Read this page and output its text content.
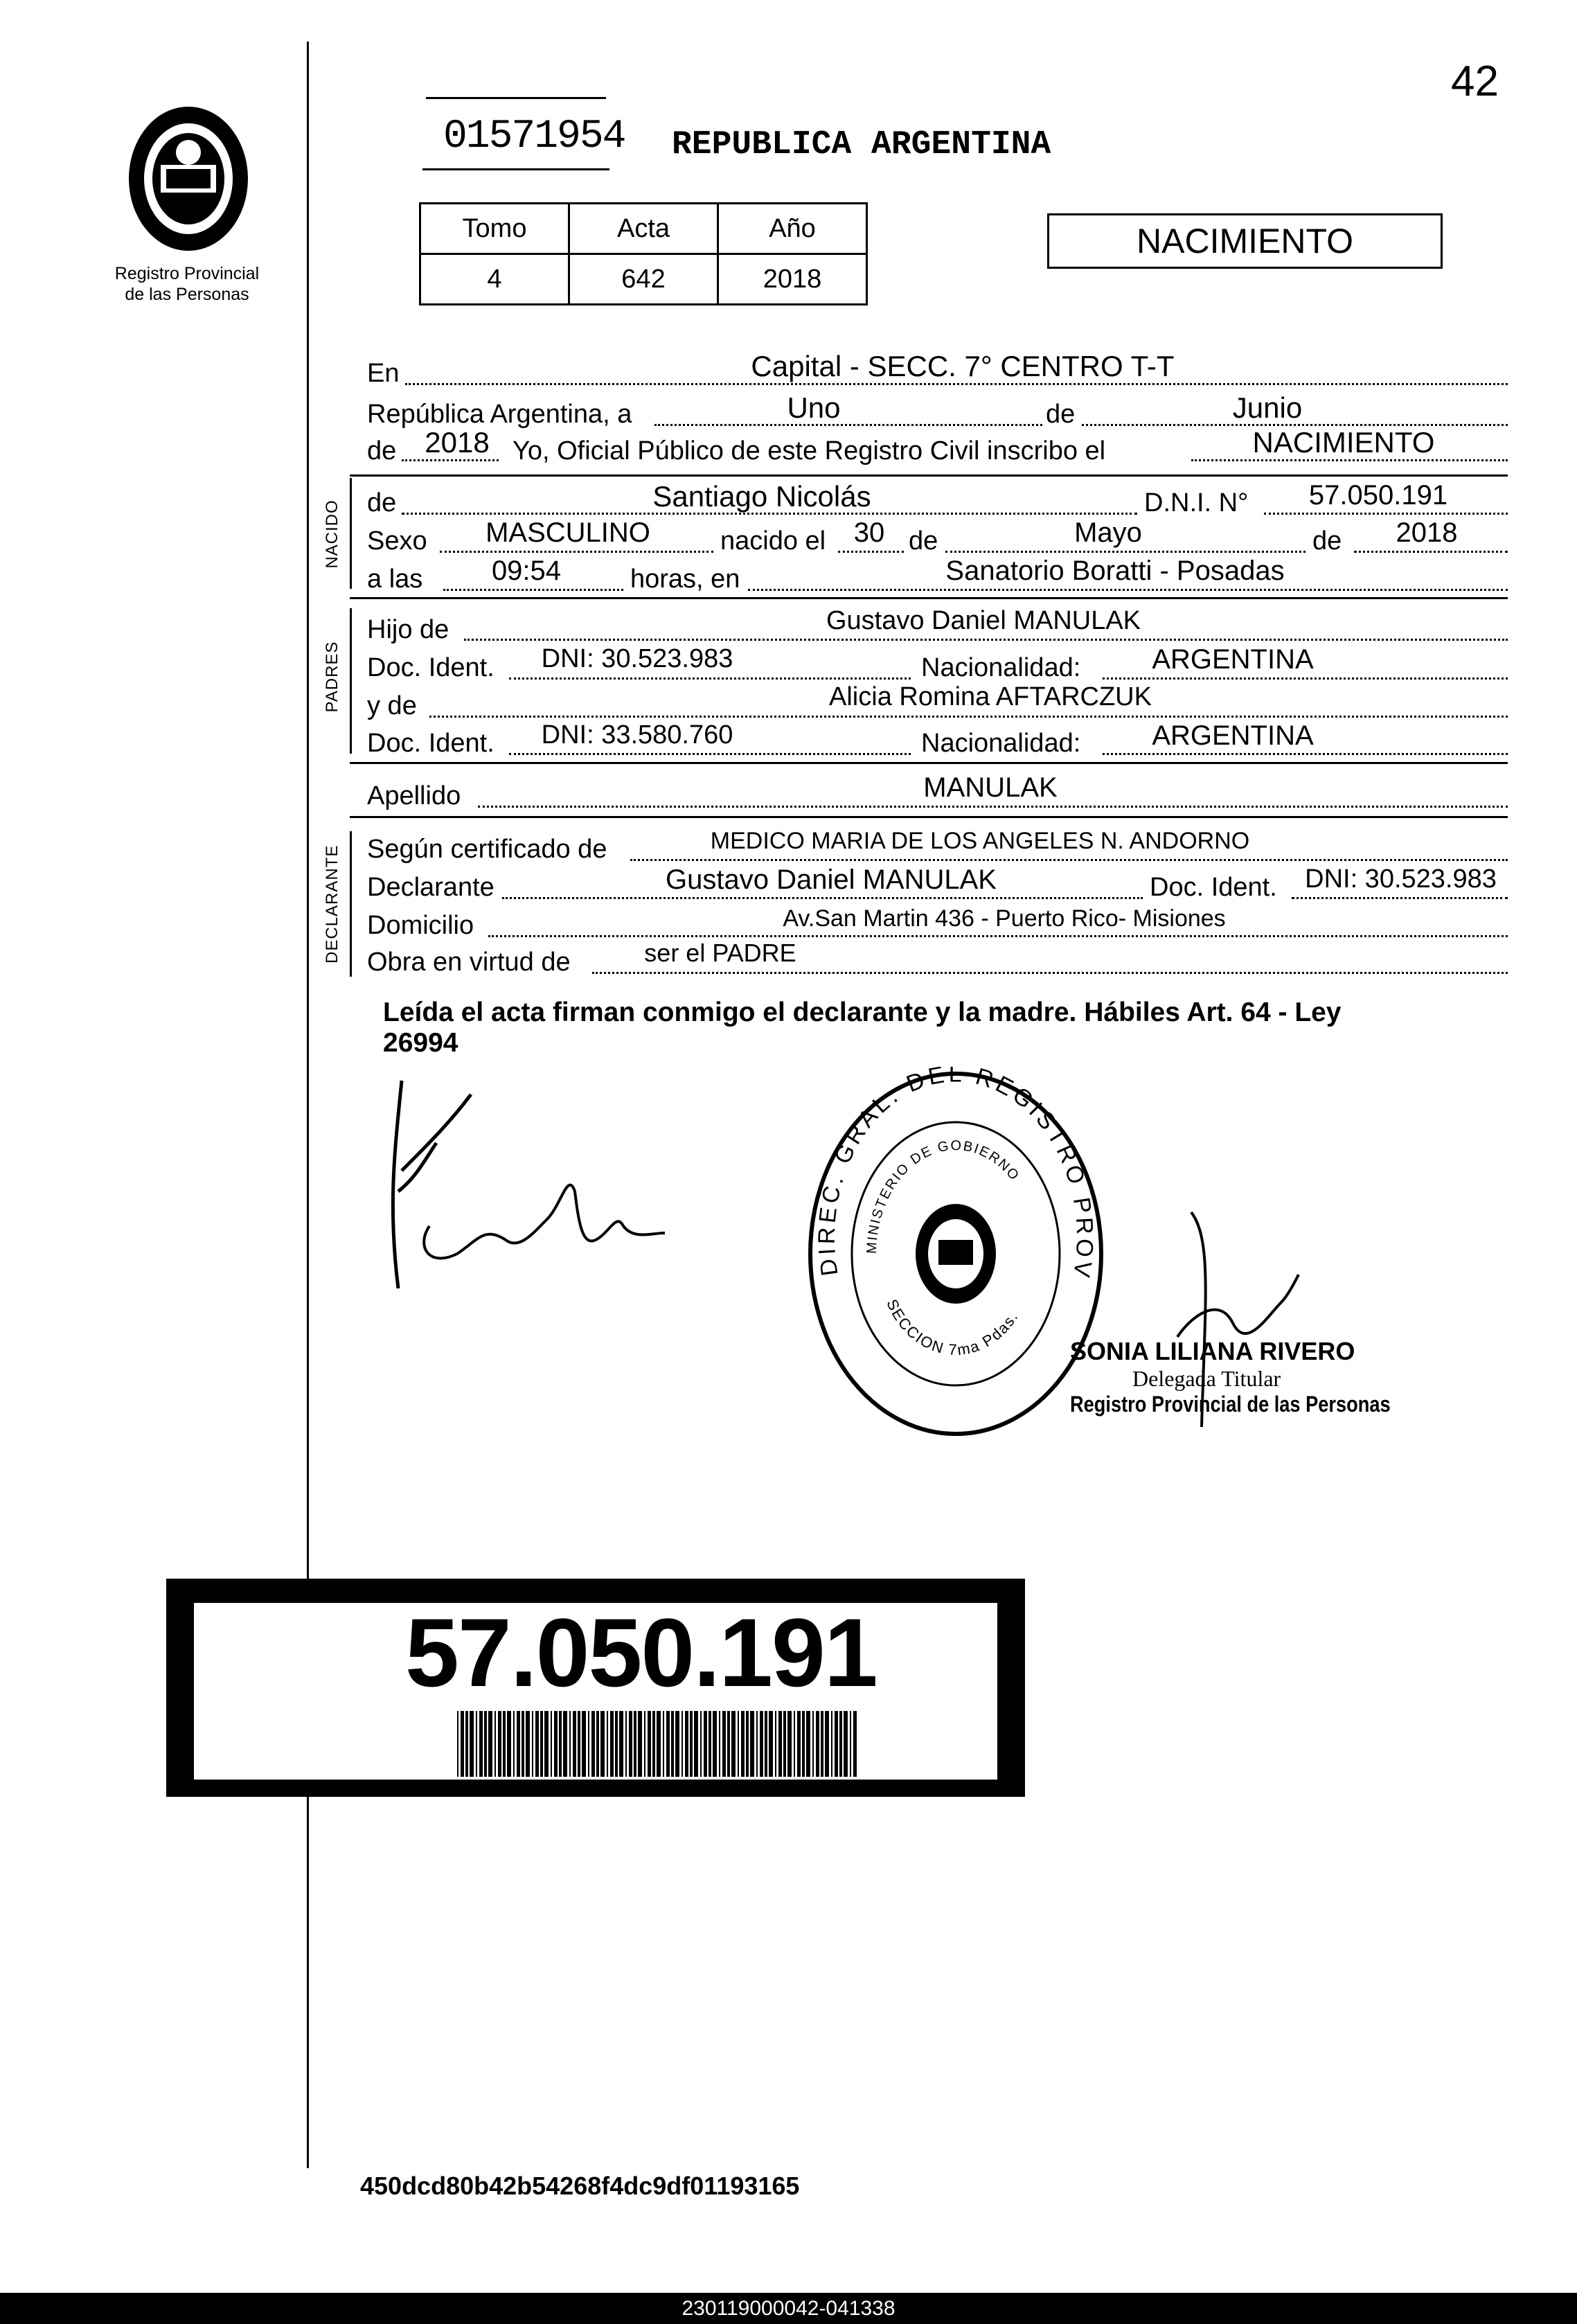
Registro Provincial
de las Personas
42
01571954 REPUBLICA ARGENTINA
Tomo	Acta	Año
4	642	2018
NACIMIENTO
En	Capital - SECC. 7° CENTRO T-T
República Argentina, a	Uno	de	Junio
de 2018 Yo, Oficial Público de este Registro Civil inscribo el	NACIMIENTO
NACIDO de	Santiago Nicolás	D.N.I. N°	57.050.191
Sexo	MASCULINO	nacido el	30 de	Mayo	de	2018
a las	09:54	horas, en	Sanatorio Boratti - Posadas
PADRES
Hijo de	Gustavo Daniel MANULAK
Doc. Ident.	DNI: 30.523.983	Nacionalidad:	ARGENTINA
y de	Alicia Romina AFTARCZUK
Doc. Ident.	DNI: 33.580.760	Nacionalidad:	ARGENTINA
Apellido	MANULAK
DECLARANTE Según certificado de	MEDICO MARIA DE LOS ANGELES N. ANDORNO
Declarante	Gustavo Daniel MANULAK	Doc. Ident.	DNI: 30.523.983
Domicilio	Av.San Martin 436 - Puerto Rico- Misiones
Obra en virtud de	ser el PADRE
Leída el acta firman conmigo el declarante y la madre. Hábiles Art. 64 - Ley
26994
DIREC. GRAL. DEL REGISTRO PROV
MINISTERIO DE GOBIERNO
SECCION 7ma Pdas.
SONIA LILIANA RIVERO
Delegada Titular
Registro Provincial de las Personas
57.050.191
450dcd80b42b54268f4dc9df01193165
230119000042-041338
